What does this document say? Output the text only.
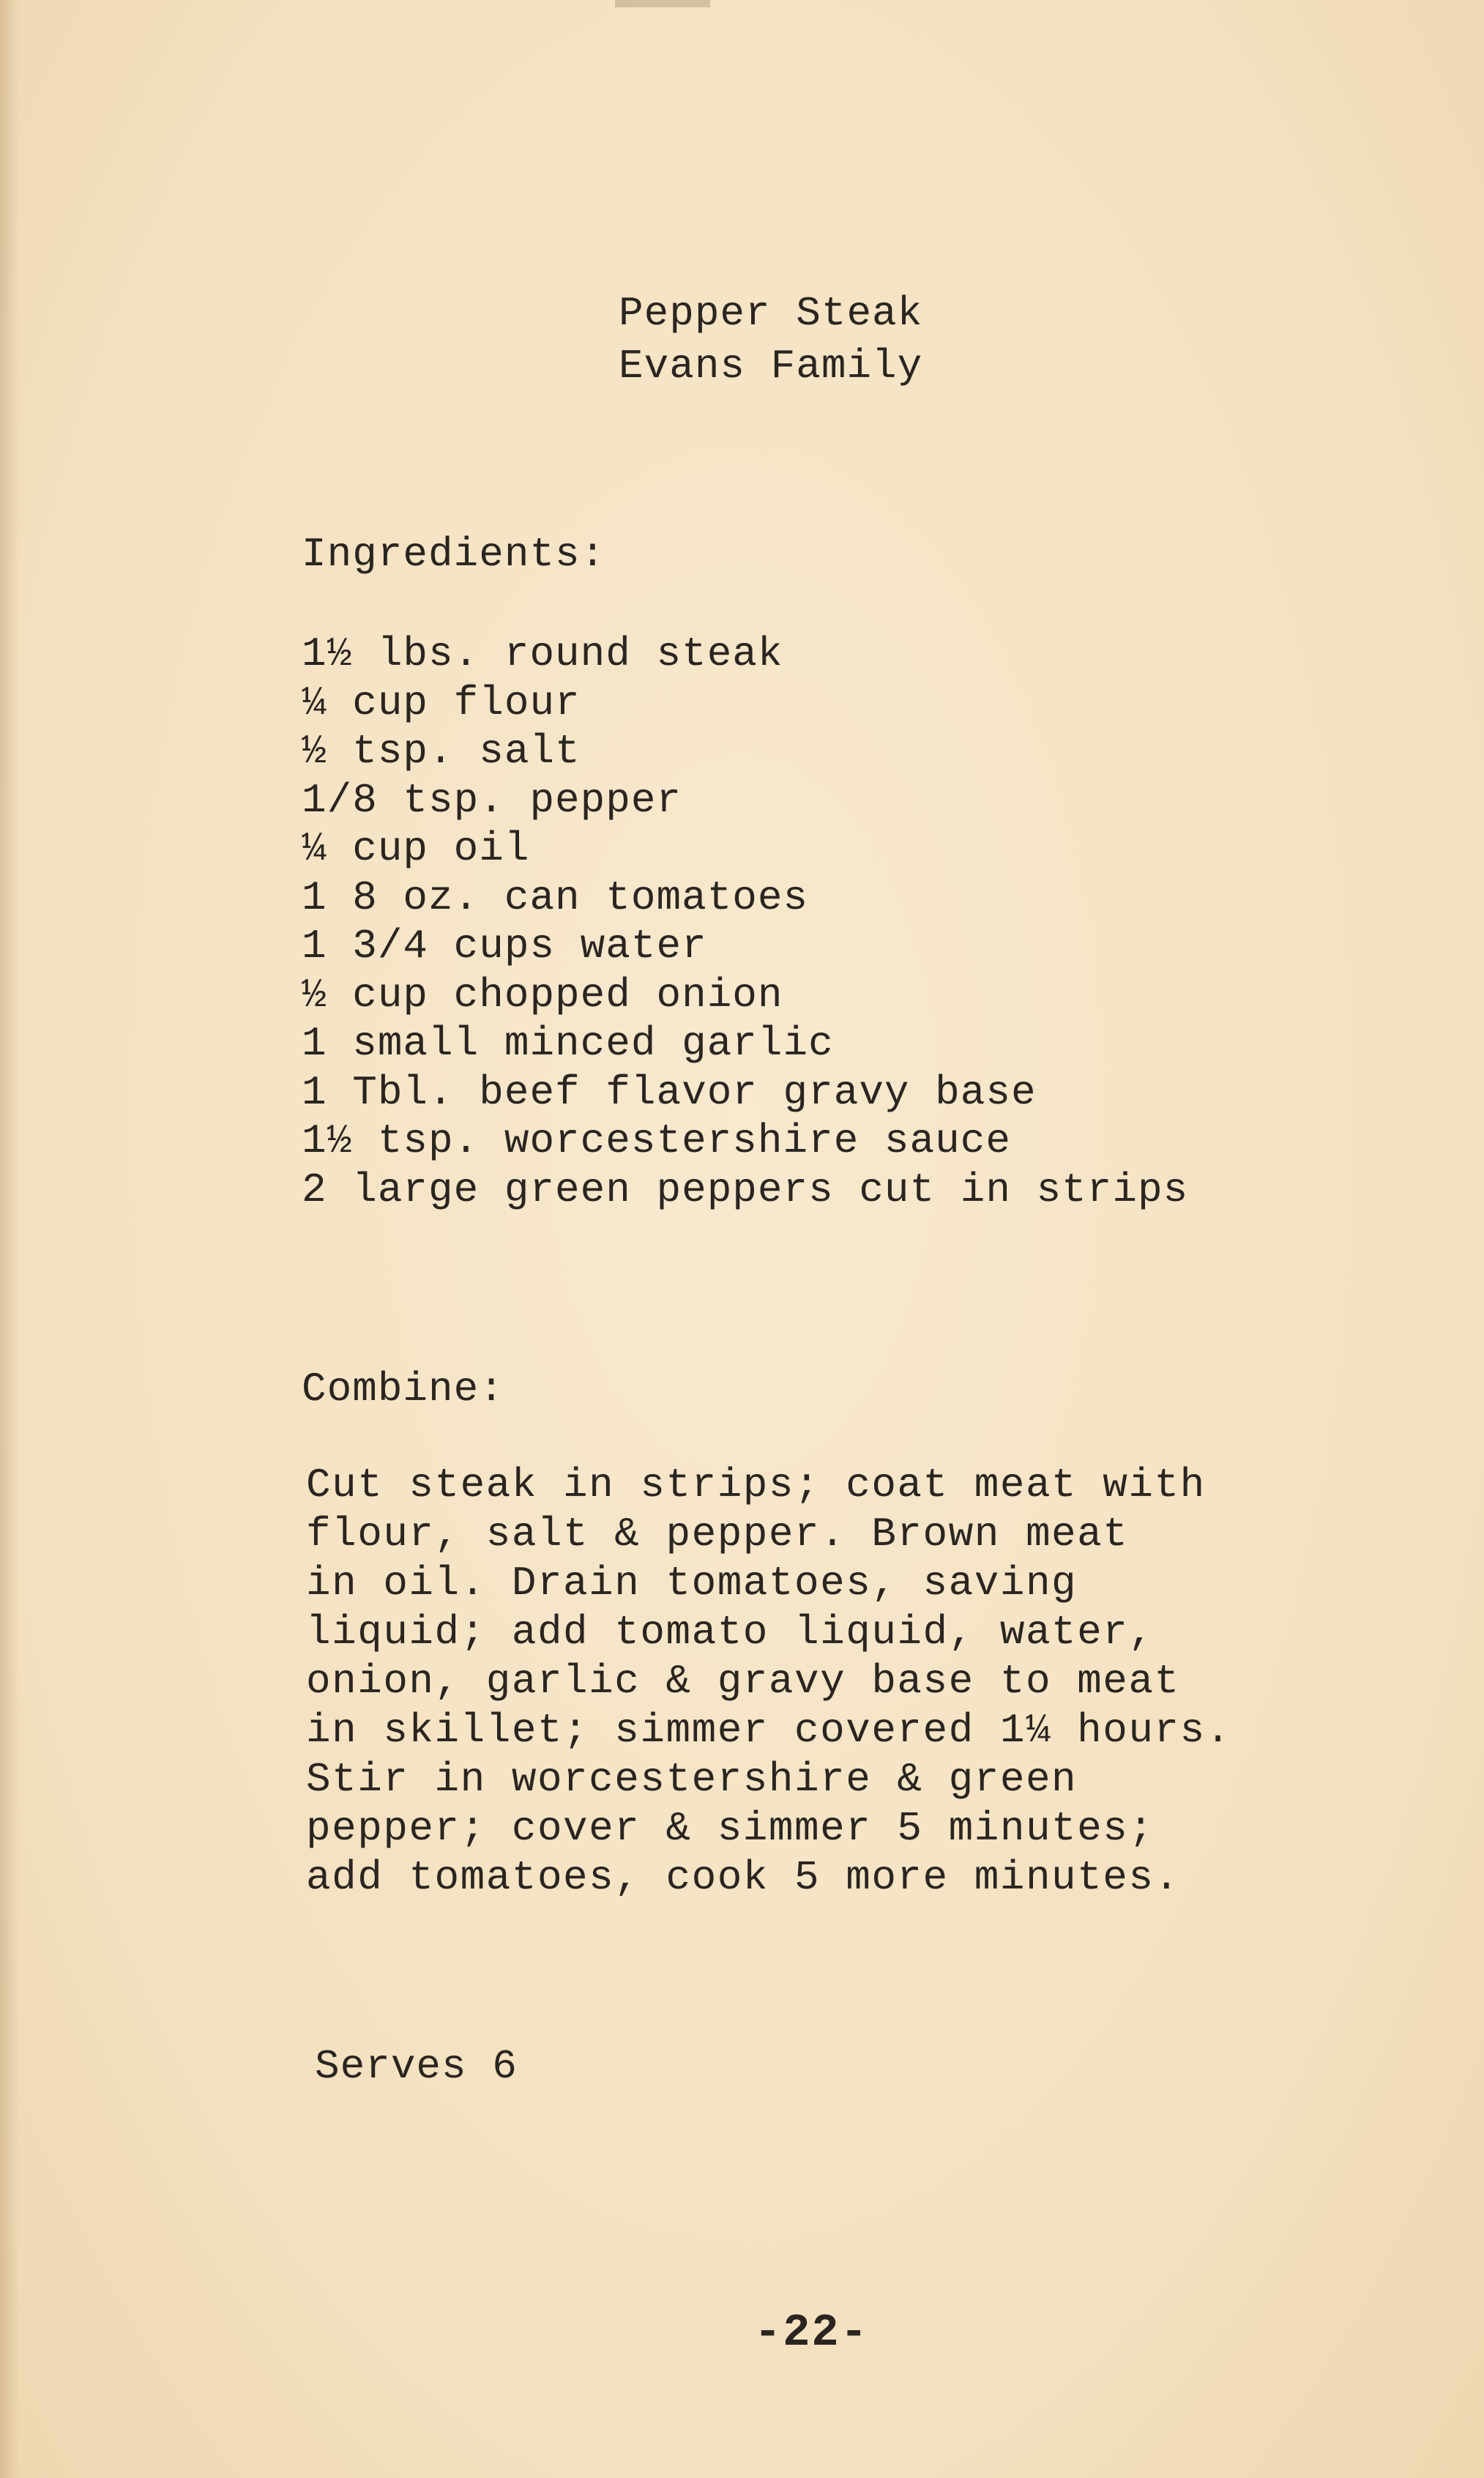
Pepper Steak
Evans Family
Ingredients:
1½ lbs. round steak
¼ cup flour
½ tsp. salt
1/8 tsp. pepper
¼ cup oil
1 8 oz. can tomatoes
1 3/4 cups water
½ cup chopped onion
1 small minced garlic
1 Tbl. beef flavor gravy base
1½ tsp. worcestershire sauce
2 large green peppers cut in strips
Combine:
Cut steak in strips; coat meat with
flour, salt & pepper. Brown meat
in oil. Drain tomatoes, saving
liquid; add tomato liquid, water,
onion, garlic & gravy base to meat
in skillet; simmer covered 1¼ hours.
Stir in worcestershire & green
pepper; cover & simmer 5 minutes;
add tomatoes, cook 5 more minutes.
Serves 6
-22-
